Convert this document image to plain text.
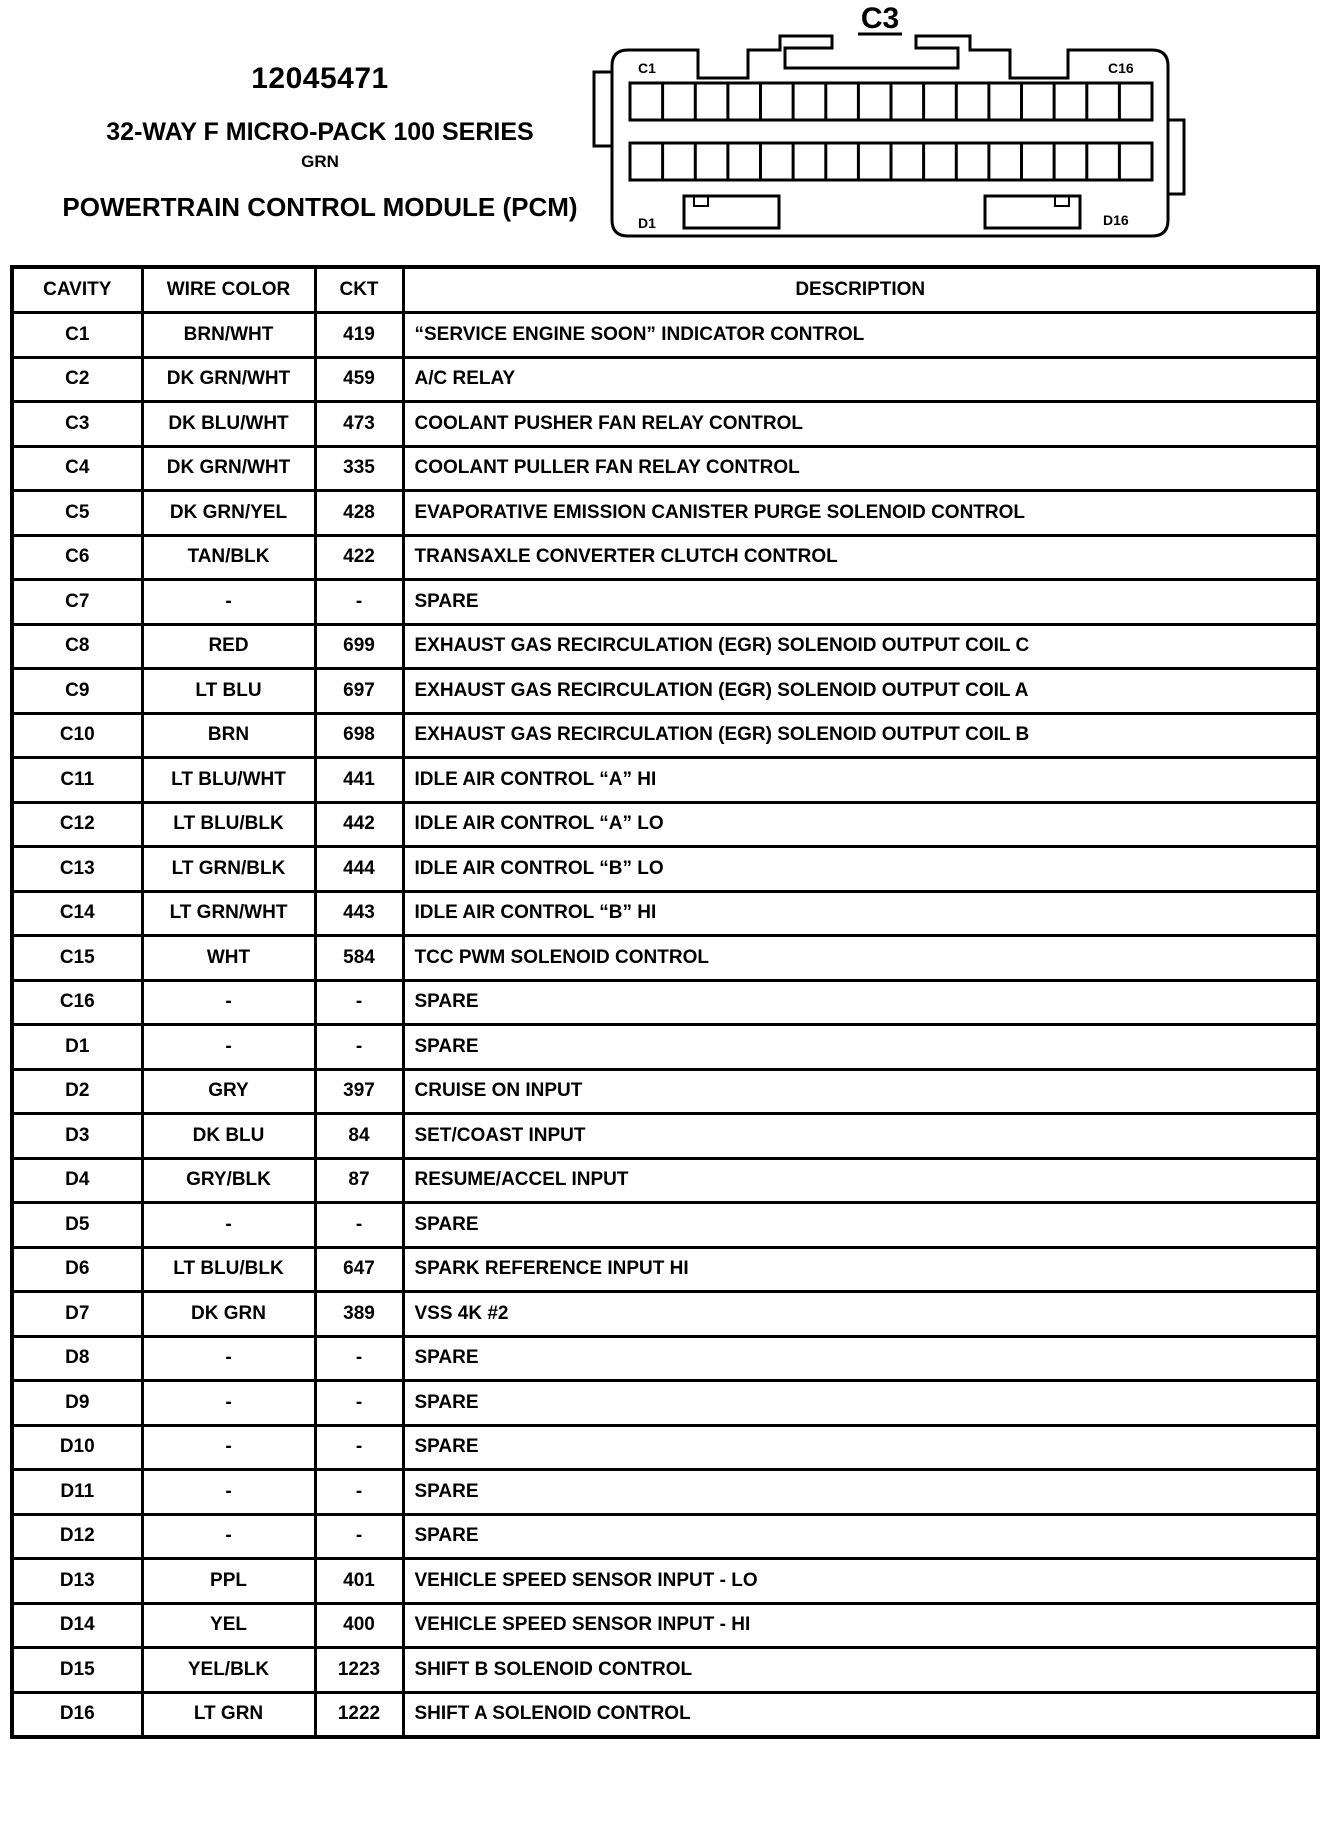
12045471
32-WAY F MICRO-PACK 100 SERIES
GRN
POWERTRAIN CONTROL MODULE (PCM)
C3
C1	C16
D1	D16
CAVITY	WIRE COLOR	CKT	DESCRIPTION
C1	BRN/WHT	419	“SERVICE ENGINE SOON” INDICATOR CONTROL
C2	DK GRN/WHT	459	A/C RELAY
C3	DK BLU/WHT	473	COOLANT PUSHER FAN RELAY CONTROL
C4	DK GRN/WHT	335	COOLANT PULLER FAN RELAY CONTROL
C5	DK GRN/YEL	428	EVAPORATIVE EMISSION CANISTER PURGE SOLENOID CONTROL
C6	TAN/BLK	422	TRANSAXLE CONVERTER CLUTCH CONTROL
C7	-	-	SPARE
C8	RED	699	EXHAUST GAS RECIRCULATION (EGR) SOLENOID OUTPUT COIL C
C9	LT BLU	697	EXHAUST GAS RECIRCULATION (EGR) SOLENOID OUTPUT COIL A
C10	BRN	698	EXHAUST GAS RECIRCULATION (EGR) SOLENOID OUTPUT COIL B
C11	LT BLU/WHT	441	IDLE AIR CONTROL “A” HI
C12	LT BLU/BLK	442	IDLE AIR CONTROL “A” LO
C13	LT GRN/BLK	444	IDLE AIR CONTROL “B” LO
C14	LT GRN/WHT	443	IDLE AIR CONTROL “B” HI
C15	WHT	584	TCC PWM SOLENOID CONTROL
C16	-	-	SPARE
D1	-	-	SPARE
D2	GRY	397	CRUISE ON INPUT
D3	DK BLU	84	SET/COAST INPUT
D4	GRY/BLK	87	RESUME/ACCEL INPUT
D5	-	-	SPARE
D6	LT BLU/BLK	647	SPARK REFERENCE INPUT HI
D7	DK GRN	389	VSS 4K #2
D8	-	-	SPARE
D9	-	-	SPARE
D10	-	-	SPARE
D11	-	-	SPARE
D12	-	-	SPARE
D13	PPL	401	VEHICLE SPEED SENSOR INPUT - LO
D14	YEL	400	VEHICLE SPEED SENSOR INPUT - HI
D15	YEL/BLK	1223	SHIFT B SOLENOID CONTROL
D16	LT GRN	1222	SHIFT A SOLENOID CONTROL
